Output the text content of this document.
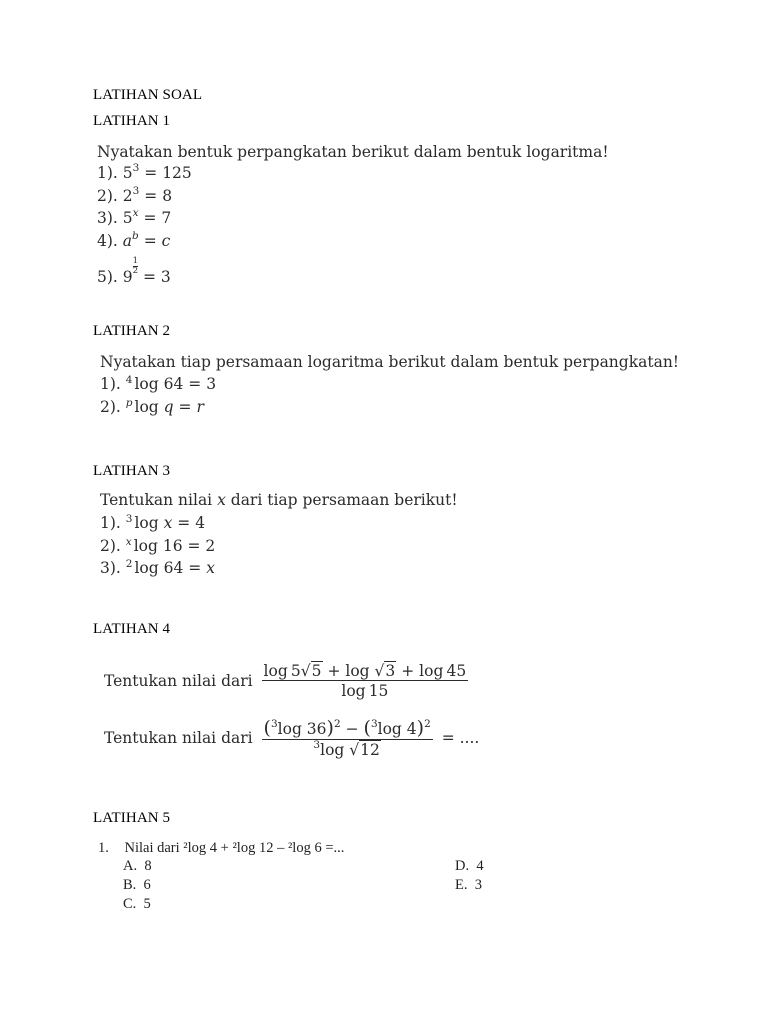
LATIHAN SOAL
LATIHAN 1
Nyatakan bentuk perpangkatan berikut dalam bentuk logaritma!
1). $5^3 = 125$
2). $2^3 = 8$
3). $5^x = 7$
4). $a^b = c$
5). $9\frac{1}{2}$
= 3
LATIHAN 2
Nyatakan tiap persamaan logaritma berikut dalam bentuk perpangkatan!
1). $^4$ log 64 = 3
2). $^p$ log q = r
LATIHAN 3
Tentukan nilai x dari tiap persamaan berikut!
1). $^3$ log x = 4
2). $^x$ log 16 = 2
3). $^2$ log 64 = x
LATIHAN 4
Tentukan nilai dari $\frac{\log 5√5 + \log √3 + \log 45}{\log 15}$
Tentukan nilai dari $\frac{(^3\log 36)^2 - (^3\log 4)^2}{^3\log √12}$ = ....
LATIHAN 5
1. Nilai dari ²log 4 + ²log 12 – ²log 6 =...
A. 8
B. 6
C. 5
D. 4
E. 3
